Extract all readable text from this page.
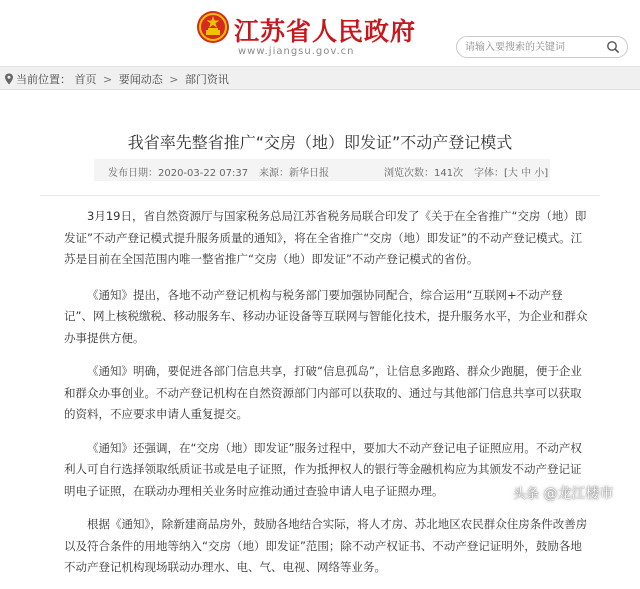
江苏省人民政府
www.jiangsu.gov.cn
请输入要搜索的关键词
当前位置： 首页 > 要闻动态 > 部门资讯
我省率先整省推广“交房（地）即发证”不动产登记模式
发布日期：2020-03-22 07:37 来源：新华日报	浏览次数：141次 字体：[大 中 小]

3月19日，省自然资源厅与国家税务总局江苏省税务局联合印发了《关于在全省推广“交房（地）即发证”不动产登记模式提升服务质量的通知》，将在全省推广“交房（地）即发证”的不动产登记模式。江苏是目前在全国范围内唯一整省推广“交房（地）即发证”不动产登记模式的省份。

《通知》提出，各地不动产登记机构与税务部门要加强协同配合，综合运用“互联网+不动产登记”、网上核税缴税、移动服务车、移动办证设备等互联网与智能化技术，提升服务水平，为企业和群众办事提供方便。

《通知》明确，要促进各部门信息共享，打破“信息孤岛”，让信息多跑路、群众少跑腿，便于企业和群众办事创业。不动产登记机构在自然资源部门内部可以获取的、通过与其他部门信息共享可以获取的资料，不应要求申请人重复提交。

《通知》还强调，在“交房（地）即发证”服务过程中，要加大不动产登记电子证照应用。不动产权利人可自行选择领取纸质证书或是电子证照，作为抵押权人的银行等金融机构应为其颁发不动产登记证明电子证照，在联动办理相关业务时应推动通过查验申请人电子证照办理。

根据《通知》，除新建商品房外，鼓励各地结合实际，将人才房、苏北地区农民群众住房条件改善房以及符合条件的用地等纳入“交房（地）即发证”范围；除不动产权证书、不动产登记证明外，鼓励各地不动产登记机构现场联动办理水、电、气、电视、网络等业务。

头条 @龙江楼市
